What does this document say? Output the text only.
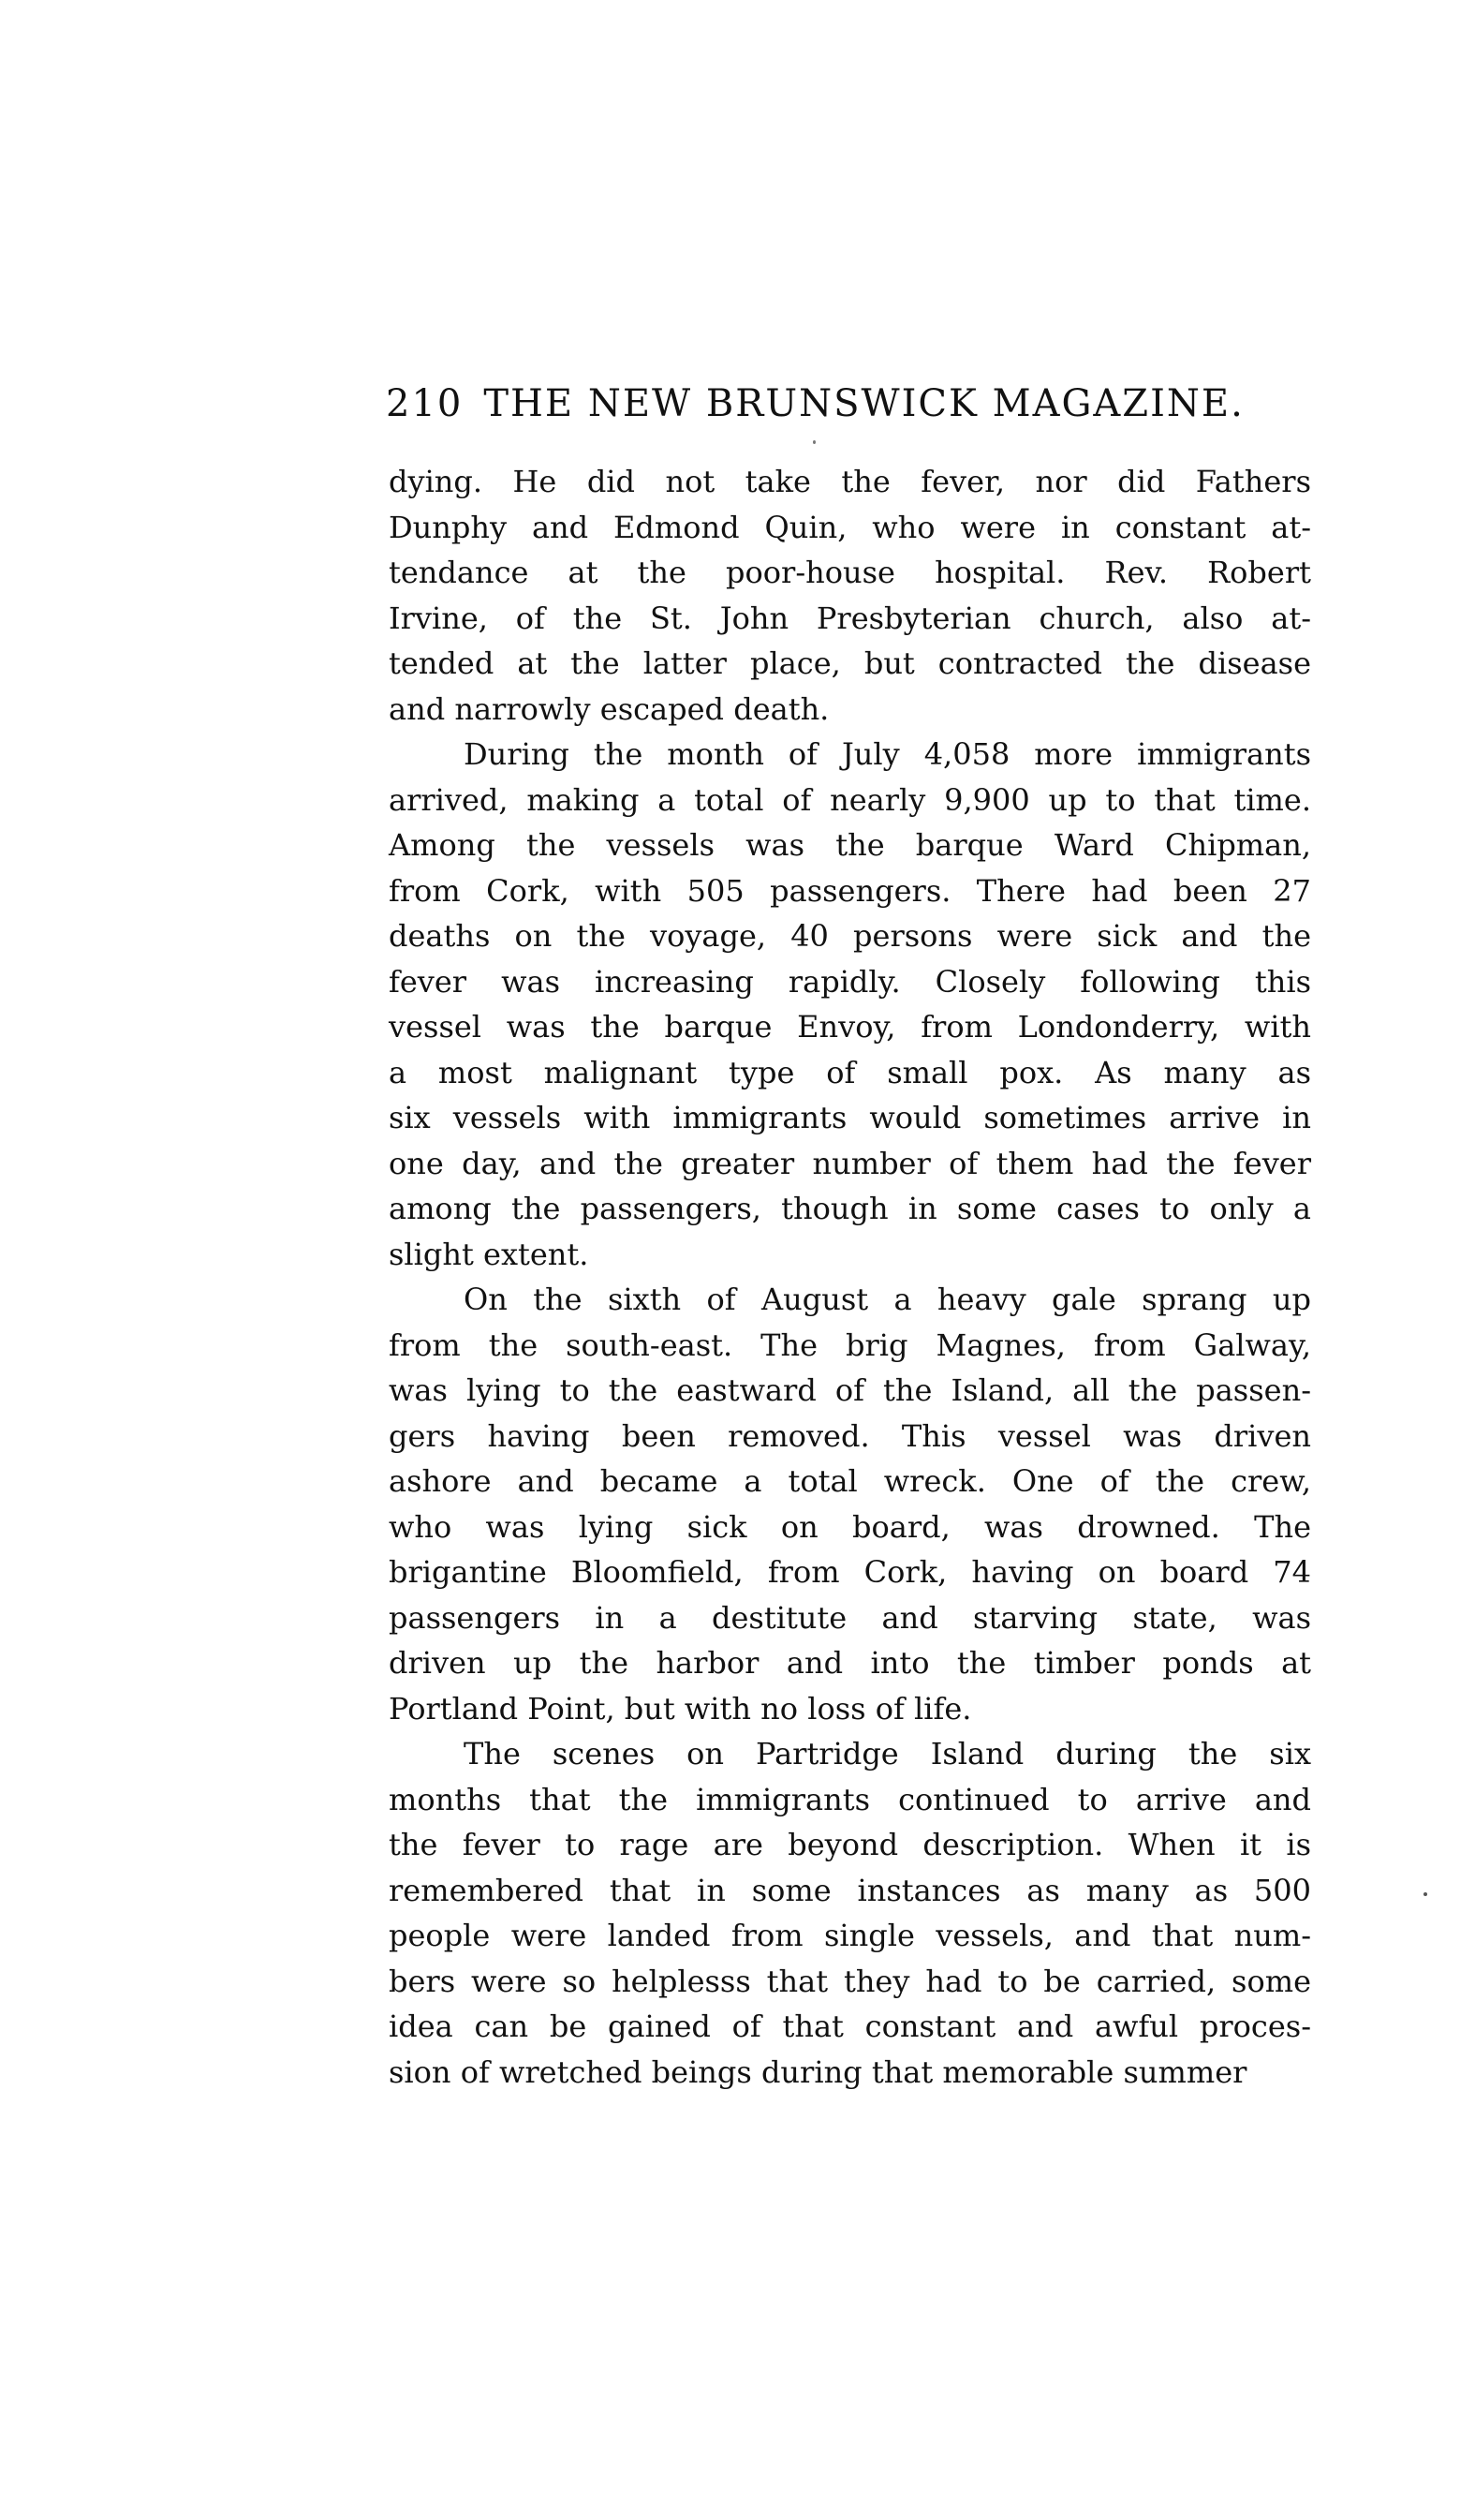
210 THE NEW BRUNSWICK MAGAZINE.
dying. He did not take the fever, nor did Fathers
Dunphy and Edmond Quin, who were in constant at-
tendance at the poor-house hospital. Rev. Robert
Irvine, of the St. John Presbyterian church, also at-
tended at the latter place, but contracted the disease
and narrowly escaped death.
During the month of July 4,058 more immigrants
arrived, making a total of nearly 9,900 up to that time.
Among the vessels was the barque Ward Chipman,
from Cork, with 505 passengers. There had been 27
deaths on the voyage, 40 persons were sick and the
fever was increasing rapidly. Closely following this
vessel was the barque Envoy, from Londonderry, with
a most malignant type of small pox. As many as
six vessels with immigrants would sometimes arrive in
one day, and the greater number of them had the fever
among the passengers, though in some cases to only a
slight extent.
On the sixth of August a heavy gale sprang up
from the south-east. The brig Magnes, from Galway,
was lying to the eastward of the Island, all the passen-
gers having been removed. This vessel was driven
ashore and became a total wreck. One of the crew,
who was lying sick on board, was drowned. The
brigantine Bloomfield, from Cork, having on board 74
passengers in a destitute and starving state, was
driven up the harbor and into the timber ponds at
Portland Point, but with no loss of life.
The scenes on Partridge Island during the six
months that the immigrants continued to arrive and
the fever to rage are beyond description. When it is
remembered that in some instances as many as 500
people were landed from single vessels, and that num-
bers were so helplesss that they had to be carried, some
idea can be gained of that constant and awful proces-
sion of wretched beings during that memorable summer
